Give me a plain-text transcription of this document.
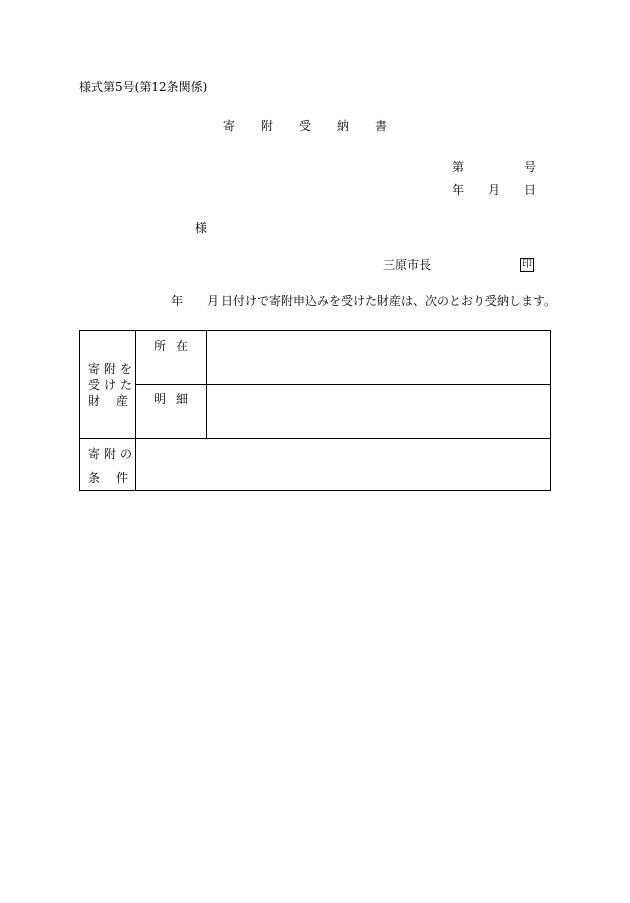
様式第5号(第12条関係)
寄附受納書
第	号
年 月 日
様
三原市長	印
年 月 日付けで寄附申込みを受けた財産は、次のとおり受納します。
寄附を
受けた
財産
所在
明細
寄附の
条件
